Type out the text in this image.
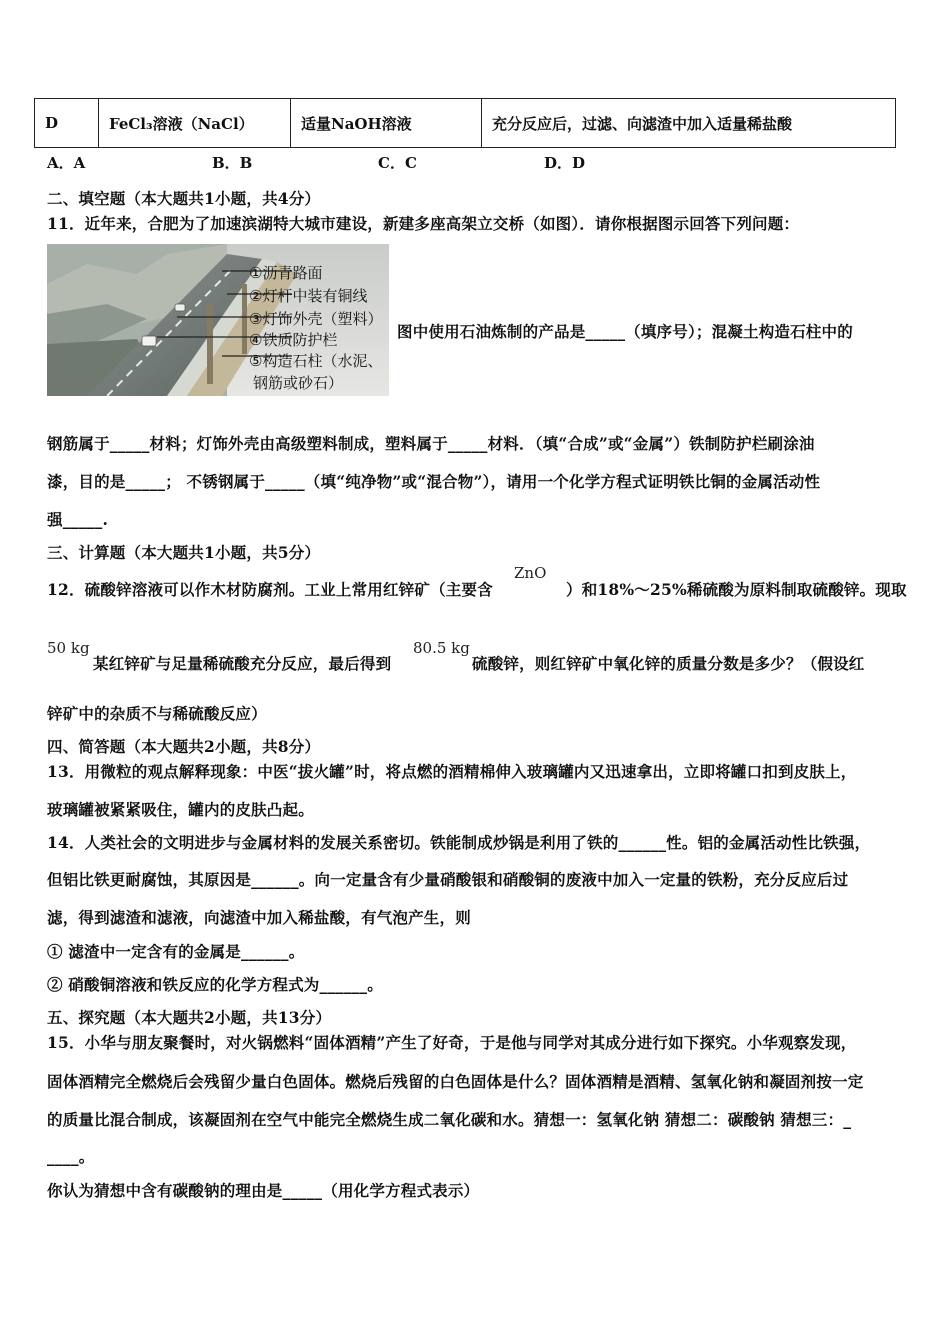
D	FeCl₃溶液（NaCl）	适量NaOH溶液	充分反应后，过滤、向滤渣中加入适量稀盐酸
A．A	B．B	C．C	D．D
二、填空题（本大题共1小题，共4分）
11．近年来，合肥为了加速滨湖特大城市建设，新建多座高架立交桥（如图）．请你根据图示回答下列问题：
①沥青路面
②灯杆中装有铜线
③灯饰外壳（塑料）
④铁质防护栏
⑤构造石柱（水泥、
钢筋或砂石）
图中使用石油炼制的产品是_____（填序号）；混凝土构造石柱中的
钢筋属于_____材料；灯饰外壳由高级塑料制成，塑料属于_____材料．（填“合成”或“金属”）铁制防护栏刷涂油
漆，目的是_____； 不锈钢属于_____（填“纯净物”或“混合物”），请用一个化学方程式证明铁比铜的金属活动性
强_____.
三、计算题（本大题共1小题，共5分）
12．硫酸锌溶液可以作木材防腐剂。工业上常用红锌矿（主要含
ZnO
）和18%～25%稀硫酸为原料制取硫酸锌。现取
50 kg
某红锌矿与足量稀硫酸充分反应，最后得到
80.5 kg
硫酸锌，则红锌矿中氧化锌的质量分数是多少？（假设红
锌矿中的杂质不与稀硫酸反应）
四、简答题（本大题共2小题，共8分）
13．用微粒的观点解释现象：中医“拔火罐”时，将点燃的酒精棉伸入玻璃罐内又迅速拿出，立即将罐口扣到皮肤上，
玻璃罐被紧紧吸住，罐内的皮肤凸起。
14．人类社会的文明进步与金属材料的发展关系密切。铁能制成炒锅是利用了铁的______性。铝的金属活动性比铁强，
但铝比铁更耐腐蚀，其原因是______。向一定量含有少量硝酸银和硝酸铜的废液中加入一定量的铁粉，充分反应后过
滤，得到滤渣和滤液，向滤渣中加入稀盐酸，有气泡产生，则
① 滤渣中一定含有的金属是______。
② 硝酸铜溶液和铁反应的化学方程式为______。
五、探究题（本大题共2小题，共13分）
15．小华与朋友聚餐时，对火锅燃料“固体酒精”产生了好奇，于是他与同学对其成分进行如下探究。小华观察发现，
固体酒精完全燃烧后会残留少量白色固体。燃烧后残留的白色固体是什么？固体酒精是酒精、氢氧化钠和凝固剂按一定
的质量比混合制成，该凝固剂在空气中能完全燃烧生成二氧化碳和水。猜想一：氢氧化钠 猜想二：碳酸钠 猜想三：_
____。
你认为猜想中含有碳酸钠的理由是_____（用化学方程式表示）
